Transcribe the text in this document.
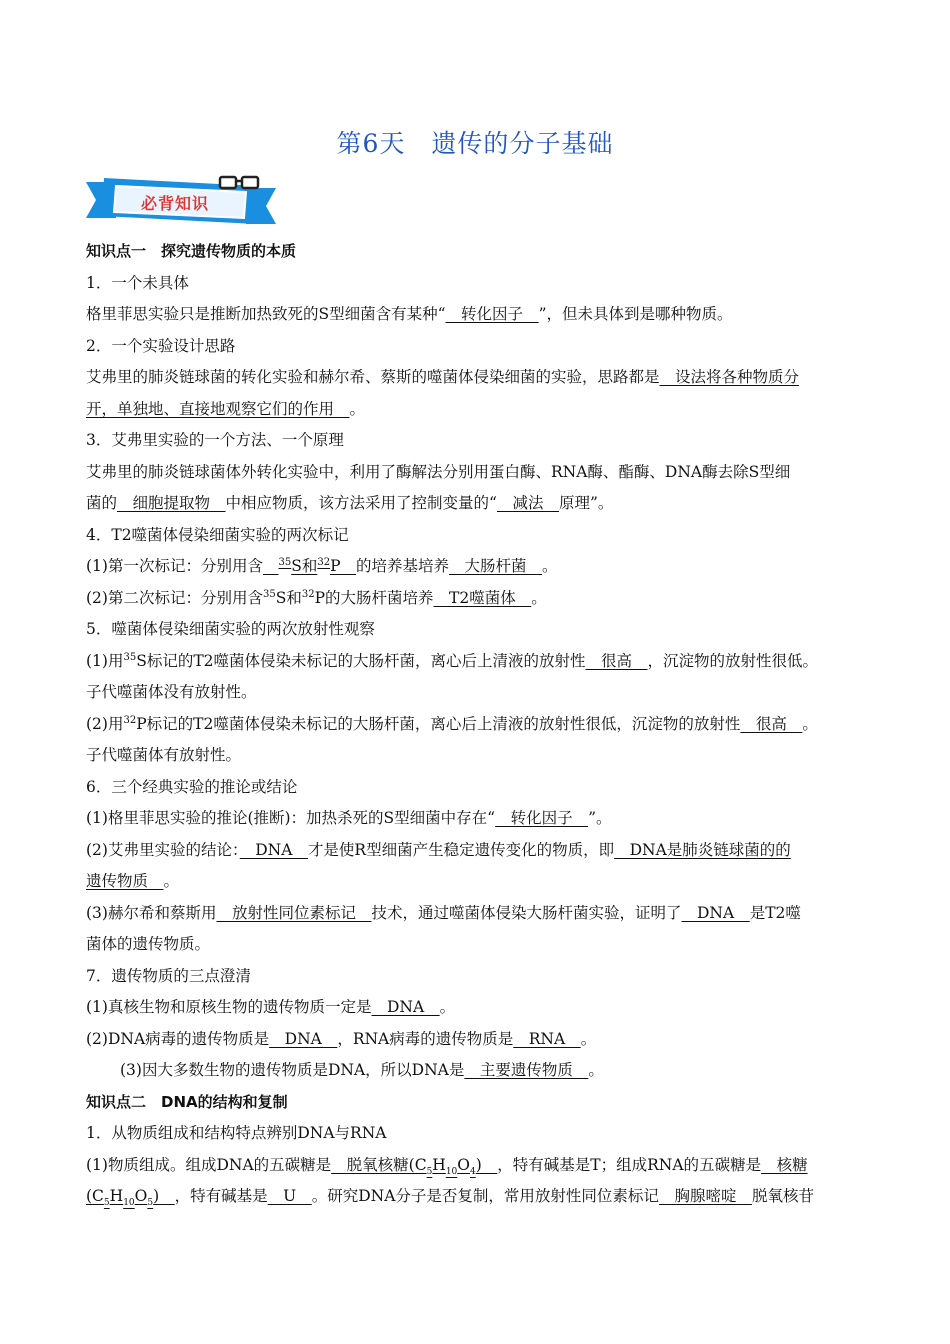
第6天　遗传的分子基础
必背知识

知识点一　探究遗传物质的本质

1．一个未具体

格里菲思实验只是推断加热致死的S型细菌含有某种“　转化因子　”，但未具体到是哪种物质。

2．一个实验设计思路

艾弗里的肺炎链球菌的转化实验和赫尔希、蔡斯的噬菌体侵染细菌的实验，思路都是　设法将各种物质分

开，单独地、直接地观察它们的作用　。

3．艾弗里实验的一个方法、一个原理

艾弗里的肺炎链球菌体外转化实验中，利用了酶解法分别用蛋白酶、RNA酶、酯酶、DNA酶去除S型细

菌的　细胞提取物　中相应物质，该方法采用了控制变量的“　减法　原理”。

4．T2噬菌体侵染细菌实验的两次标记

(1)第一次标记：分别用含　 $^{35}$S和$^{32}$P　的培养基培养　大肠杆菌　。

(2)第二次标记：分别用含$^{35}$S和$^{32}$P的大肠杆菌培养　T2噬菌体　。

5．噬菌体侵染细菌实验的两次放射性观察

(1)用$^{35}$S标记的T2噬菌体侵染未标记的大肠杆菌，离心后上清液的放射性　很高　，沉淀物的放射性很低。

子代噬菌体没有放射性。

(2)用$^{32}$P标记的T2噬菌体侵染未标记的大肠杆菌，离心后上清液的放射性很低，沉淀物的放射性　很高　。

子代噬菌体有放射性。

6．三个经典实验的推论或结论

(1)格里菲思实验的推论(推断)：加热杀死的S型细菌中存在“　转化因子　”。

(2)艾弗里实验的结论：　DNA　才是使R型细菌产生稳定遗传变化的物质，即　DNA是肺炎链球菌的的

遗传物质　。

(3)赫尔希和蔡斯用　放射性同位素标记　技术，通过噬菌体侵染大肠杆菌实验，证明了　DNA　是T2噬

菌体的遗传物质。

7．遗传物质的三点澄清

(1)真核生物和原核生物的遗传物质一定是　DNA　。

(2)DNA病毒的遗传物质是　DNA　，RNA病毒的遗传物质是　RNA　。

(3)因大多数生物的遗传物质是DNA，所以DNA是　主要遗传物质　。

知识点二　DNA的结构和复制

1．从物质组成和结构特点辨别DNA与RNA

(1)物质组成。组成DNA的五碳糖是　脱氧核糖$(C_5H_{10}O_4)$　，特有碱基是T；组成RNA的五碳糖是　核糖

$(C_5H_{10}O_5)$　，特有碱基是　U　。研究DNA分子是否复制，常用放射性同位素标记　胸腺嘧啶　脱氧核苷
